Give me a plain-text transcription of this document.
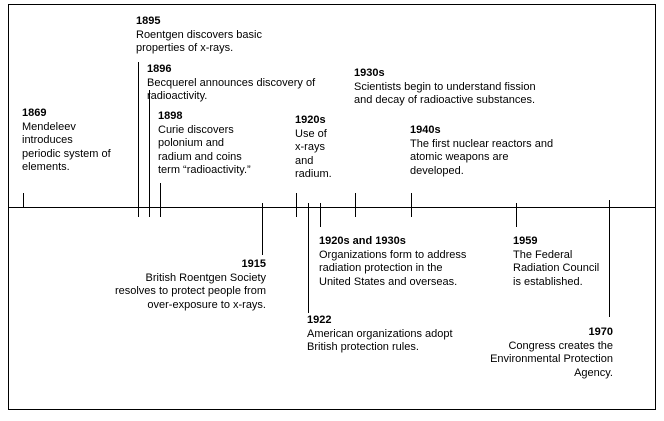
1869
Mendeleev
introduces
periodic system of
elements.
1895
Roentgen discovers basic
properties of x-rays.
1896
Becquerel announces discovery of
radioactivity.
1898
Curie discovers
polonium and
radium and coins
term “radioactivity.”
1920s
Use of
x-rays
and
radium.
1930s
Scientists begin to understand fission
and decay of radioactive substances.
1940s
The first nuclear reactors and
atomic weapons are
developed.
1915
British Roentgen Society
resolves to protect people from
over-exposure to x-rays.
1920s and 1930s
Organizations form to address
radiation protection in the
United States and overseas.
1922
American organizations adopt
British protection rules.
1959
The Federal
Radiation Council
is established.
1970
Congress creates the
Environmental Protection
Agency.
